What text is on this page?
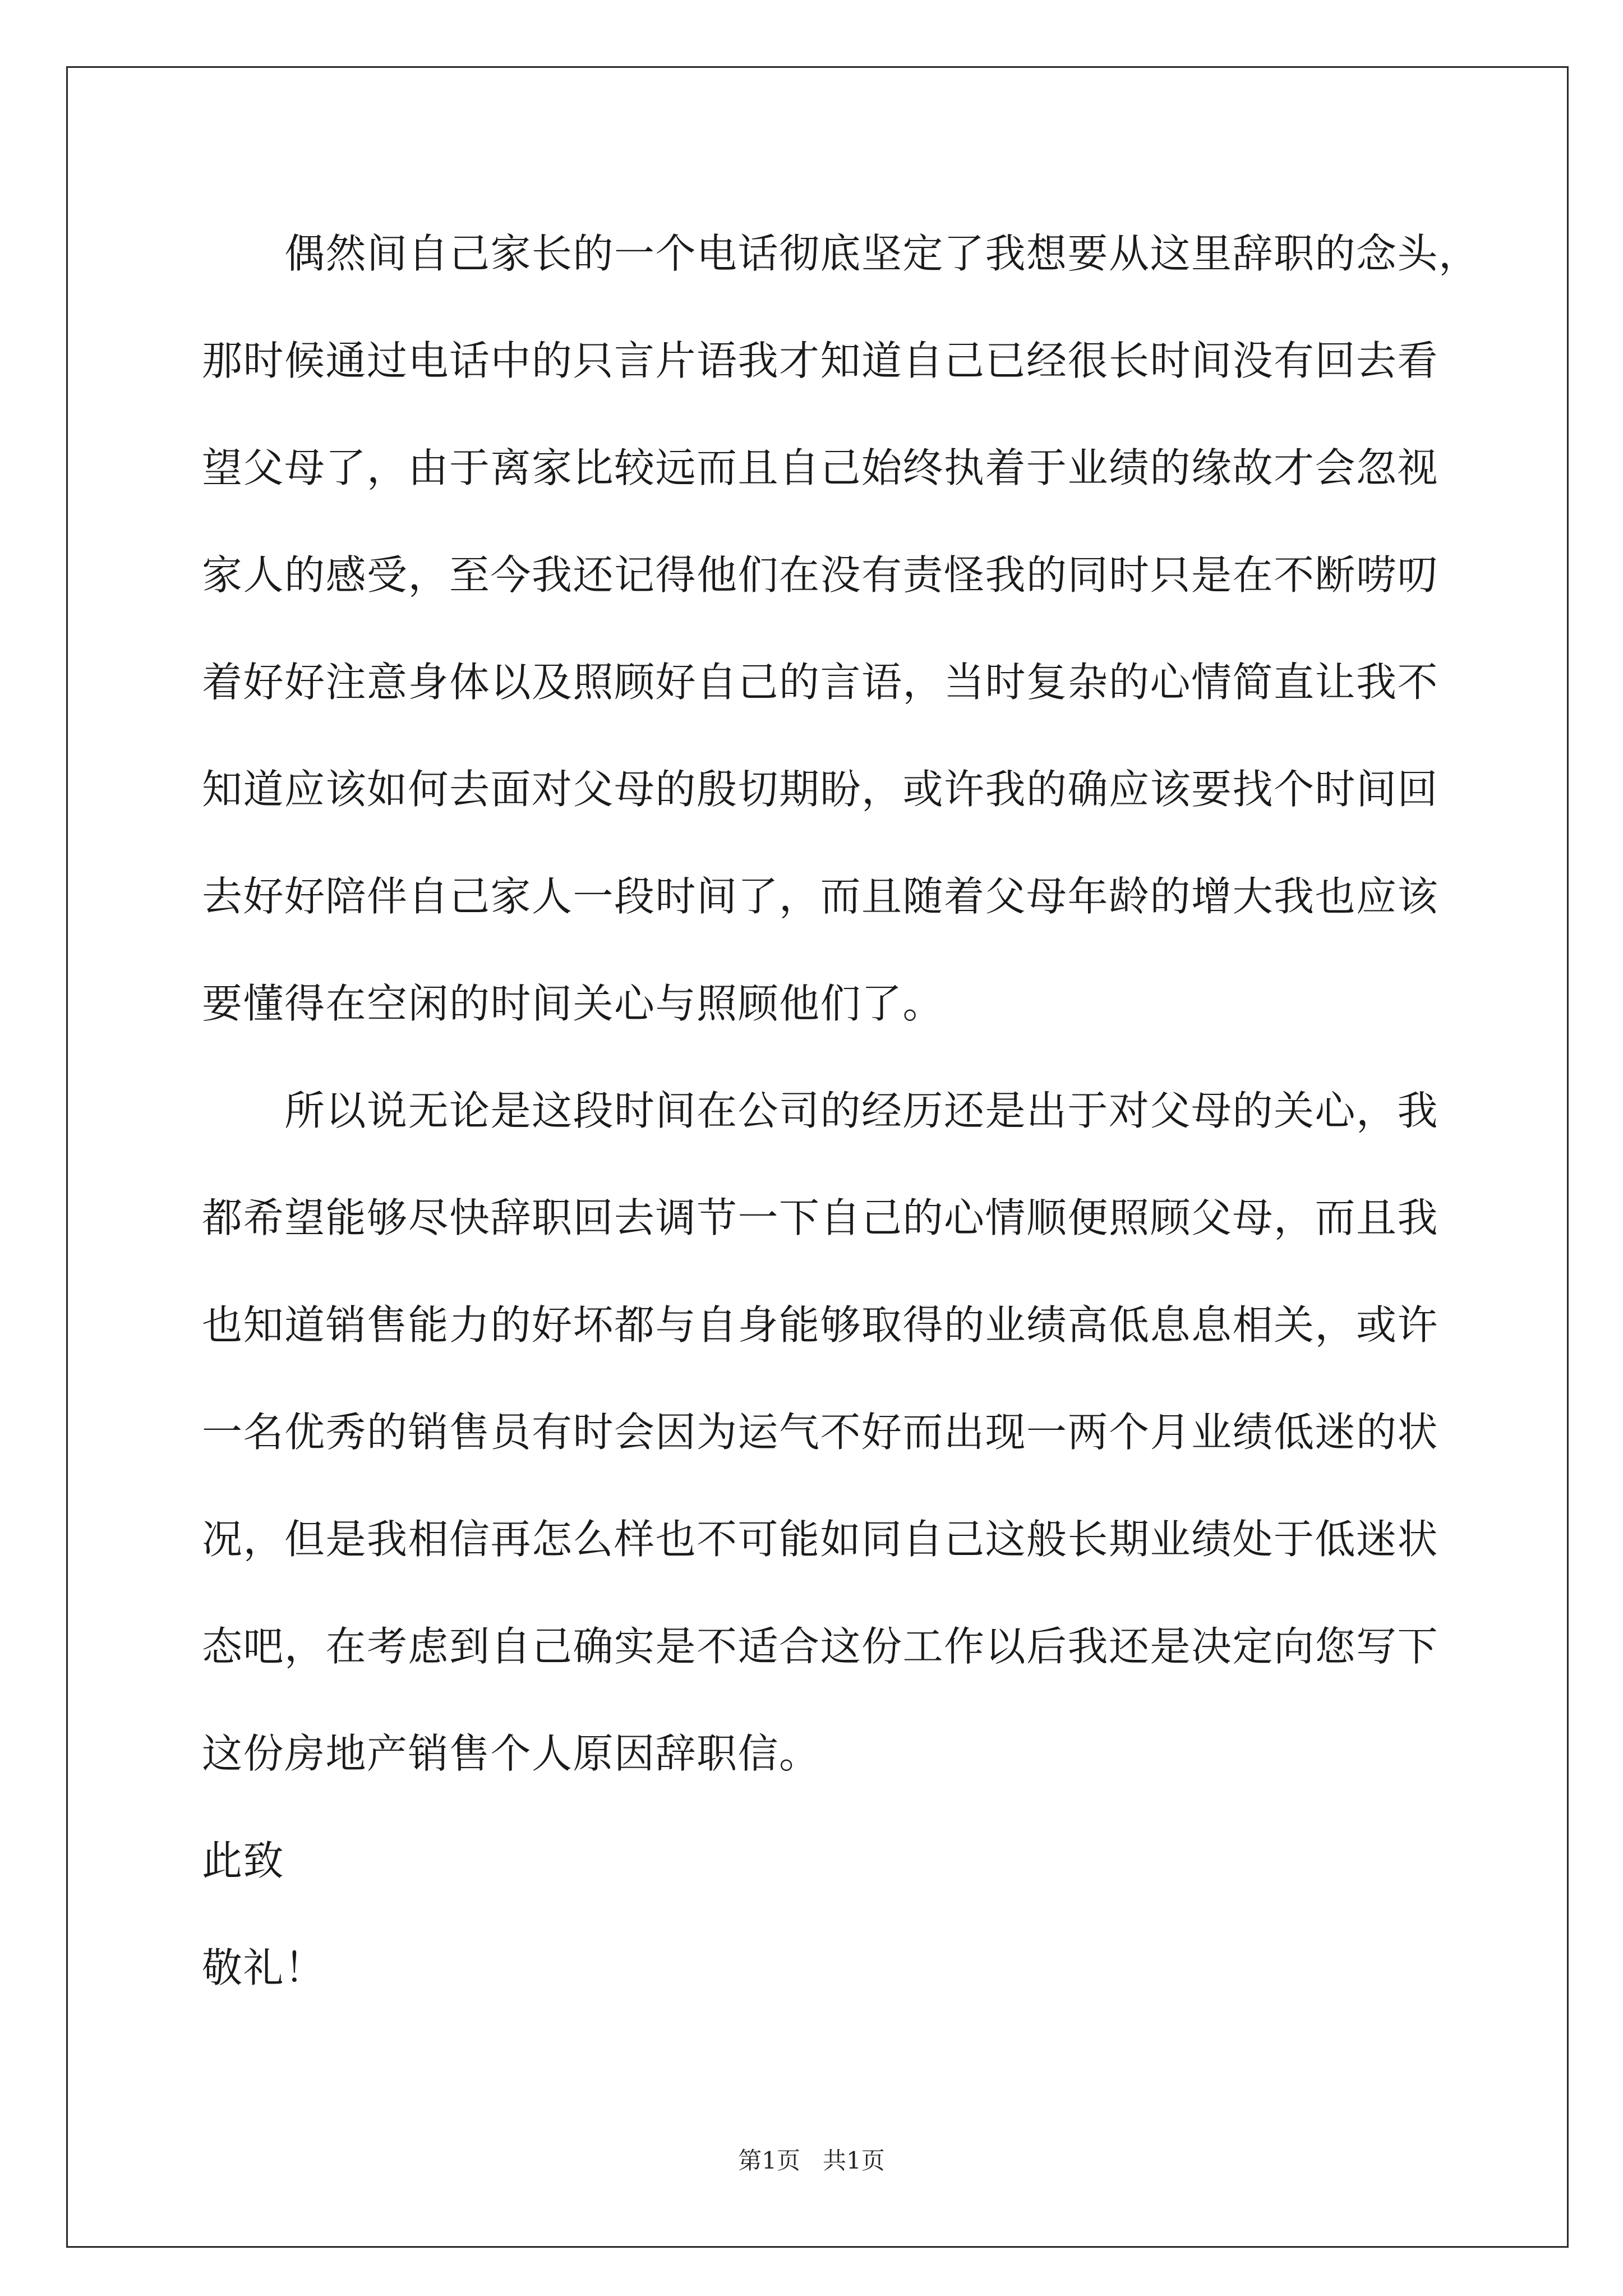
偶然间自己家长的一个电话彻底坚定了我想要从这里辞职的念头，
那时候通过电话中的只言片语我才知道自己已经很长时间没有回去看
望父母了，由于离家比较远而且自己始终执着于业绩的缘故才会忽视
家人的感受，至今我还记得他们在没有责怪我的同时只是在不断唠叨
着好好注意身体以及照顾好自己的言语，当时复杂的心情简直让我不
知道应该如何去面对父母的殷切期盼，或许我的确应该要找个时间回
去好好陪伴自己家人一段时间了，而且随着父母年龄的增大我也应该
要懂得在空闲的时间关心与照顾他们了。
所以说无论是这段时间在公司的经历还是出于对父母的关心，我
都希望能够尽快辞职回去调节一下自己的心情顺便照顾父母，而且我
也知道销售能力的好坏都与自身能够取得的业绩高低息息相关，或许
一名优秀的销售员有时会因为运气不好而出现一两个月业绩低迷的状
况，但是我相信再怎么样也不可能如同自己这般长期业绩处于低迷状
态吧，在考虑到自己确实是不适合这份工作以后我还是决定向您写下
这份房地产销售个人原因辞职信。
此致
敬礼！
第1页   共1页
